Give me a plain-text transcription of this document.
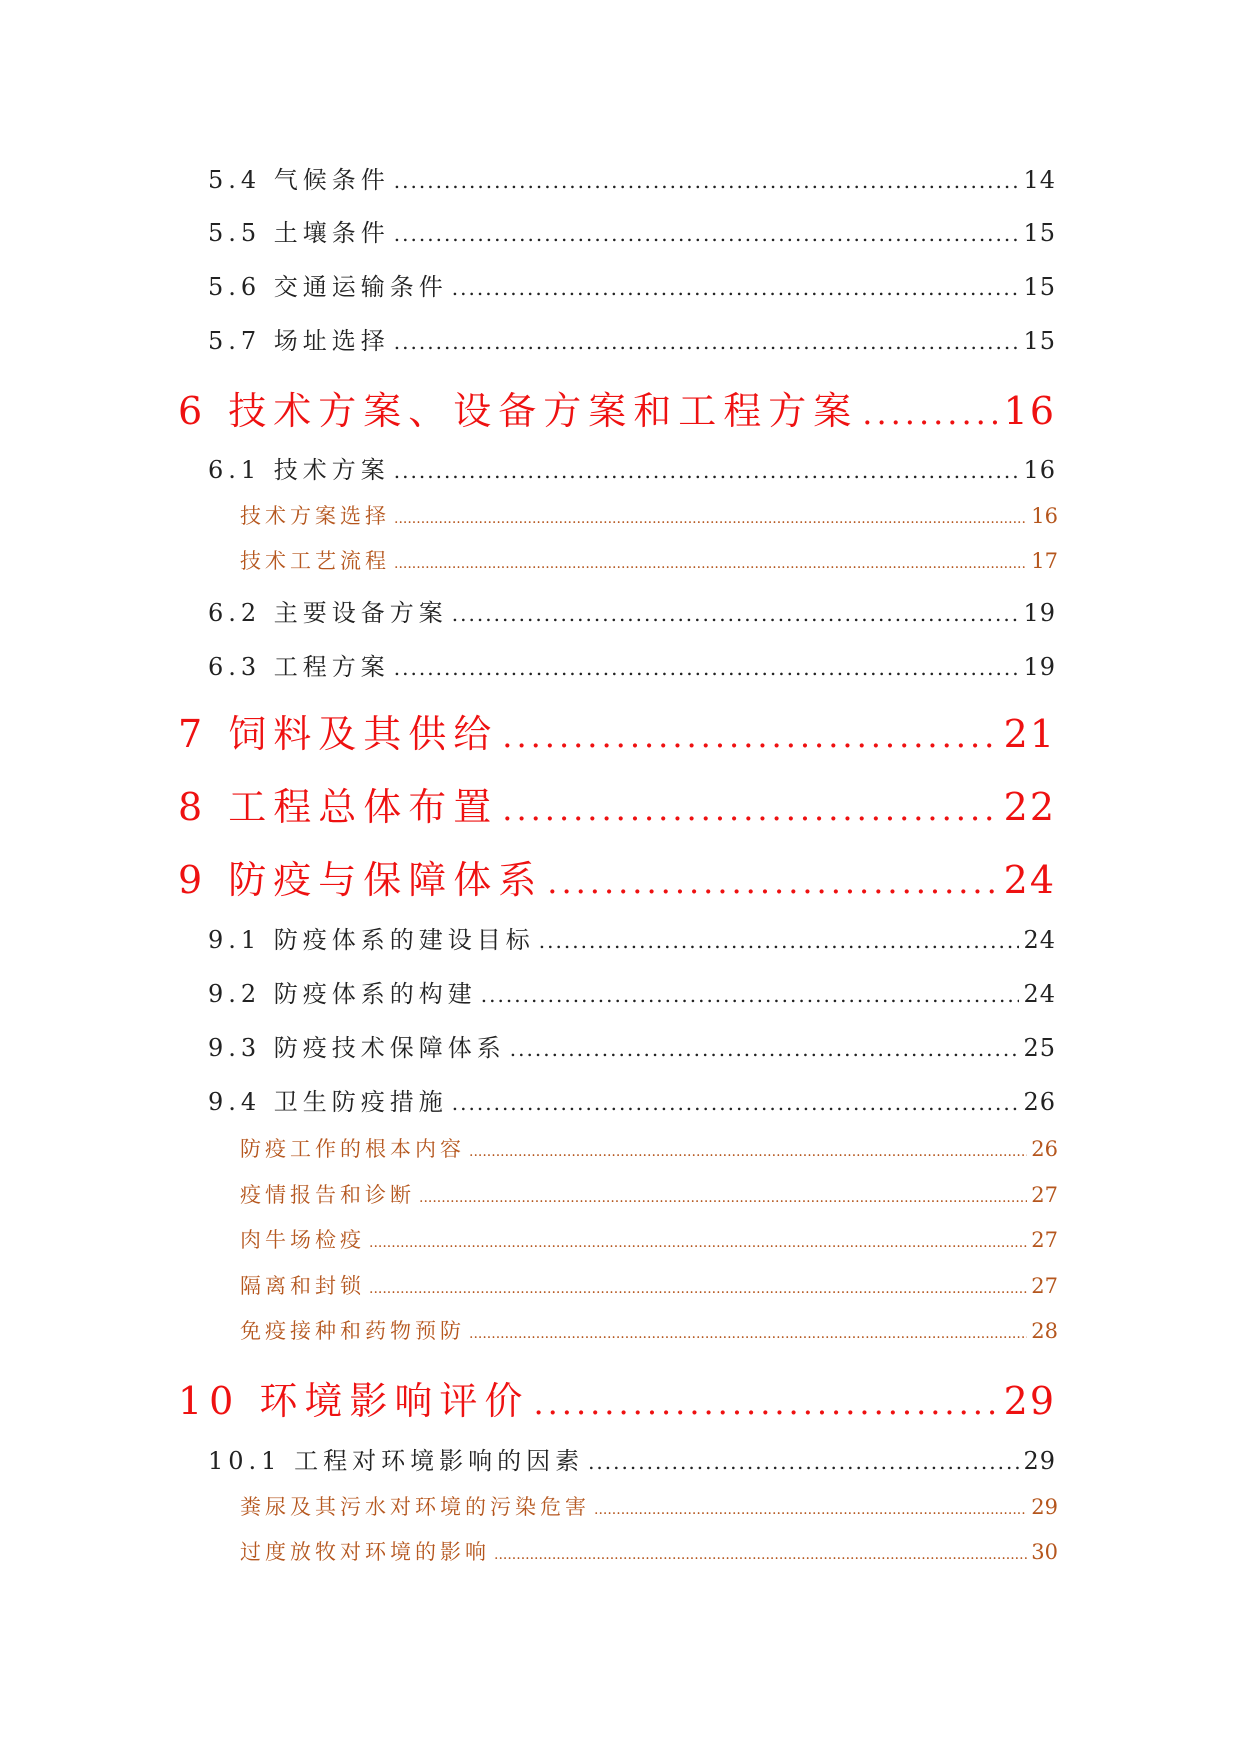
5.4 气候条件 .....	14
5.5 土壤条件 .....	15
5.6 交通运输条件 .....	15
5.7 场址选择 .....	15
6 技术方案、设备方案和工程方案 .....	16
6.1 技术方案 .....	16
技术方案选择 .....	16
技术工艺流程 .....	17
6.2 主要设备方案 .....	19
6.3 工程方案 .....	19
7 饲料及其供给 .....	21
8 工程总体布置 .....	22
9 防疫与保障体系 .....	24
9.1 防疫体系的建设目标 .....	24
9.2 防疫体系的构建 .....	24
9.3 防疫技术保障体系 .....	25
9.4 卫生防疫措施 .....	26
防疫工作的根本内容 .....	26
疫情报告和诊断 .....	27
肉牛场检疫 .....	27
隔离和封锁 .....	27
免疫接种和药物预防 .....	28
10 环境影响评价 .....	29
10.1 工程对环境影响的因素 .....	29
粪尿及其污水对环境的污染危害 .....	29
过度放牧对环境的影响 .....	30
